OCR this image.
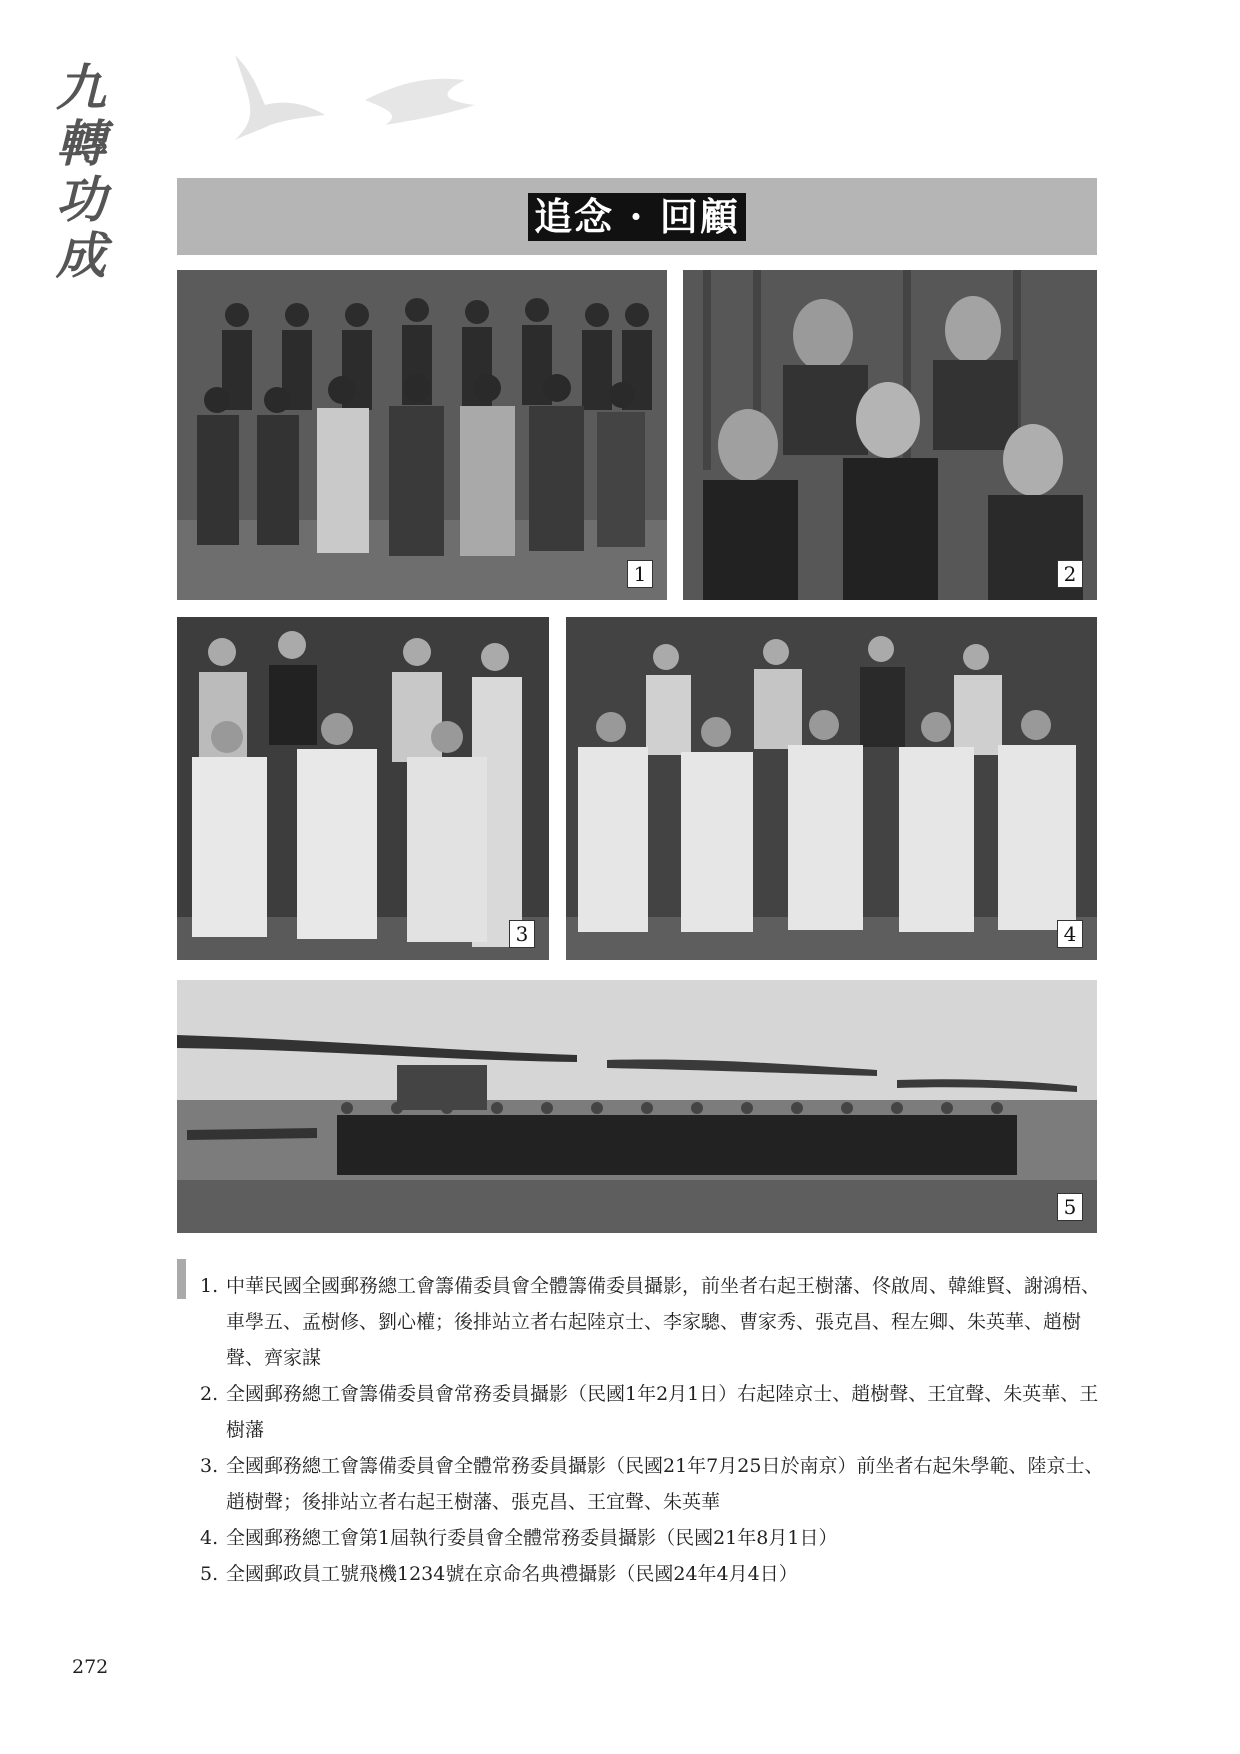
九
轉
功
成
追念 · 回顧
1	2
3	4
5
1. 中華民國全國郵務總工會籌備委員會全體籌備委員攝影，前坐者右起王樹藩、佟啟周、韓維賢、謝鴻梧、車學五、孟樹修、劉心權；後排站立者右起陸京士、李家驄、曹家秀、張克昌、程左卿、朱英華、趙樹聲、齊家謀
2. 全國郵務總工會籌備委員會常務委員攝影（民國1年2月1日）右起陸京士、趙樹聲、王宜聲、朱英華、王樹藩
3. 全國郵務總工會籌備委員會全體常務委員攝影（民國21年7月25日於南京）前坐者右起朱學範、陸京士、趙樹聲；後排站立者右起王樹藩、張克昌、王宜聲、朱英華
4. 全國郵務總工會第1屆執行委員會全體常務委員攝影（民國21年8月1日）
5. 全國郵政員工號飛機1234號在京命名典禮攝影（民國24年4月4日）
272
